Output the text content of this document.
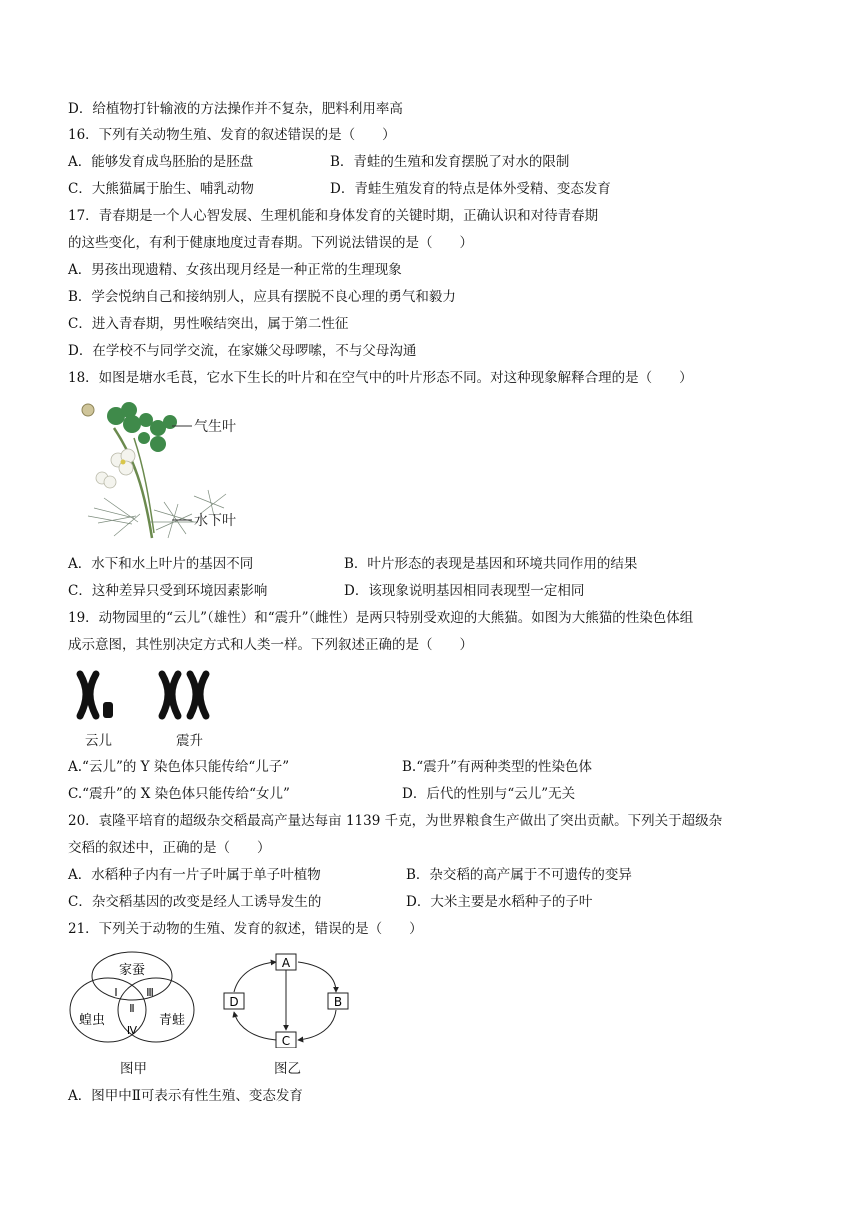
D．给植物打针输液的方法操作并不复杂，肥料利用率高
16．下列有关动物生殖、发育的叙述错误的是（　　）
A．能够发育成鸟胚胎的是胚盘	B．青蛙的生殖和发育摆脱了对水的限制
C．大熊猫属于胎生、哺乳动物	D．青蛙生殖发育的特点是体外受精、变态发育
17．青春期是一个人心智发展、生理机能和身体发育的关键时期，正确认识和对待青春期
的这些变化，有利于健康地度过青春期。下列说法错误的是（　　）
A．男孩出现遗精、女孩出现月经是一种正常的生理现象
B．学会悦纳自己和接纳别人，应具有摆脱不良心理的勇气和毅力
C．进入青春期，男性喉结突出，属于第二性征
D．在学校不与同学交流，在家嫌父母啰嗦，不与父母沟通
18．如图是塘水毛茛，它水下生长的叶片和在空气中的叶片形态不同。对这种现象解释合理的是（　　）
气生叶
水下叶
A．水下和水上叶片的基因不同	B．叶片形态的表现是基因和环境共同作用的结果
C．这种差异只受到环境因素影响	D．该现象说明基因相同表现型一定相同
19．动物园里的“云儿”（雄性）和“震升”（雌性）是两只特别受欢迎的大熊猫。如图为大熊猫的性染色体组
成示意图，其性别决定方式和人类一样。下列叙述正确的是（　　）
云儿	震升
A.“云儿”的 Y 染色体只能传给“儿子”	B.“震升”有两种类型的性染色体
C.“震升”的 X 染色体只能传给“女儿”	D．后代的性别与“云儿”无关
20．袁隆平培育的超级杂交稻最高产量达每亩 1139 千克，为世界粮食生产做出了突出贡献。下列关于超级杂
交稻的叙述中，正确的是（　　）
A．水稻种子内有一片子叶属于单子叶植物	B．杂交稻的高产属于不可遗传的变异
C．杂交稻基因的改变是经人工诱导发生的	D．大米主要是水稻种子的子叶
21．下列关于动物的生殖、发育的叙述，错误的是（　　）
家蚕
蝗虫	青蛙
Ⅰ
Ⅱ
Ⅲ
Ⅳ
A
B
C
D
图甲	图乙
A．图甲中Ⅱ可表示有性生殖、变态发育
